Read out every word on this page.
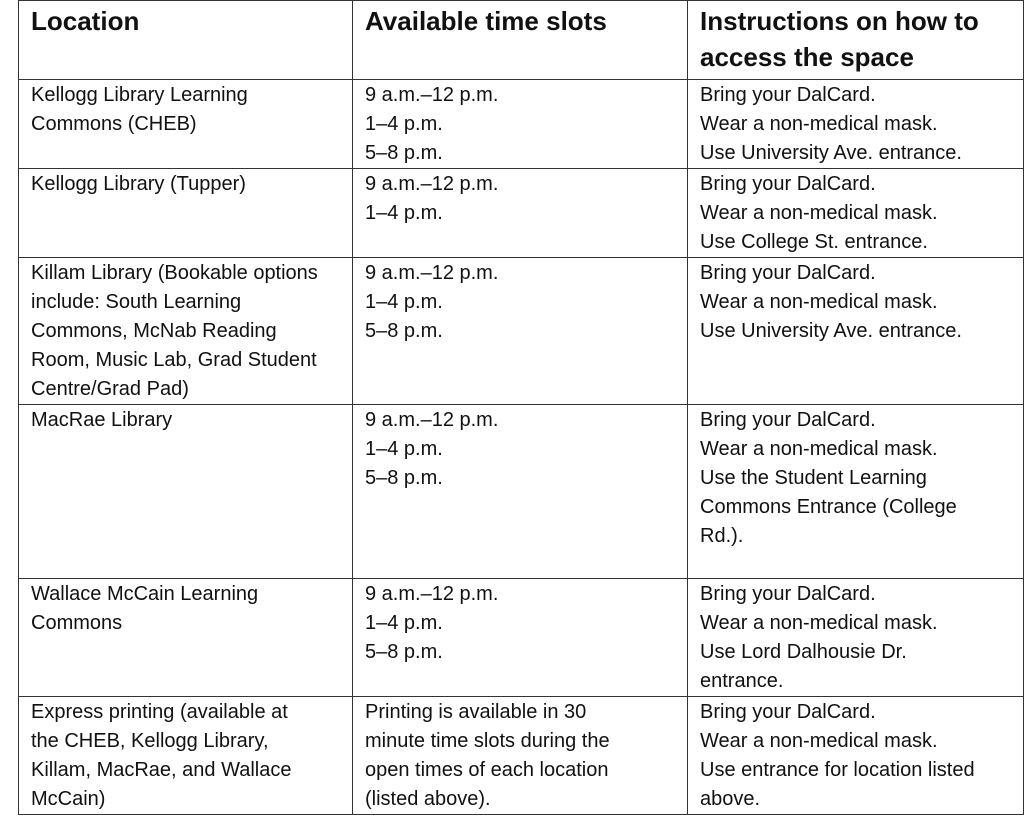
Location	Available time slots	Instructions on how to access the space

Kellogg Library Learning
Commons (CHEB)	9 a.m.–12 p.m.
1–4 p.m.
5–8 p.m.	Bring your DalCard.
Wear a non-medical mask.
Use University Ave. entrance.

Kellogg Library (Tupper)	9 a.m.–12 p.m.
1–4 p.m.	Bring your DalCard.
Wear a non-medical mask.
Use College St. entrance.

Killam Library (Bookable options
include: South Learning
Commons, McNab Reading
Room, Music Lab, Grad Student
Centre/Grad Pad)	9 a.m.–12 p.m.
1–4 p.m.
5–8 p.m.	Bring your DalCard.
Wear a non-medical mask.
Use University Ave. entrance.

MacRae Library	9 a.m.–12 p.m.
1–4 p.m.
5–8 p.m.	Bring your DalCard.
Wear a non-medical mask.
Use the Student Learning
Commons Entrance (College
Rd.).

Wallace McCain Learning
Commons	9 a.m.–12 p.m.
1–4 p.m.
5–8 p.m.	Bring your DalCard.
Wear a non-medical mask.
Use Lord Dalhousie Dr.
entrance.

Express printing (available at
the CHEB, Kellogg Library,
Killam, MacRae, and Wallace
McCain)	Printing is available in 30
minute time slots during the
open times of each location
(listed above).	Bring your DalCard.
Wear a non-medical mask.
Use entrance for location listed
above.
